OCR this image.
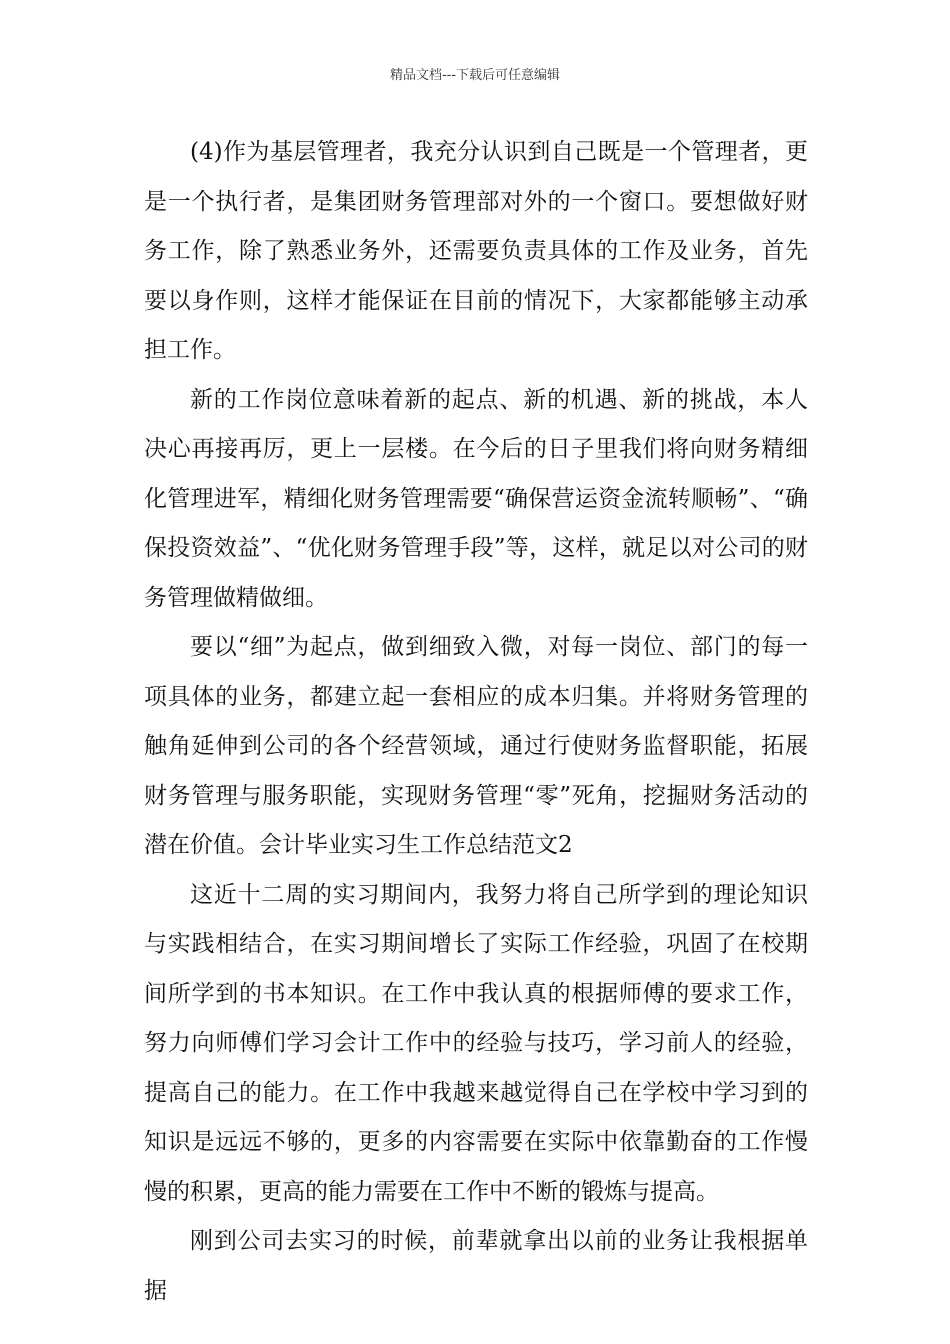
精品文档---下载后可任意编辑

(4)作为基层管理者，我充分认识到自己既是一个管理者，更是一个执行者，是集团财务管理部对外的一个窗口。要想做好财务工作，除了熟悉业务外，还需要负责具体的工作及业务，首先要以身作则，这样才能保证在目前的情况下，大家都能够主动承担工作。

新的工作岗位意味着新的起点、新的机遇、新的挑战，本人决心再接再厉，更上一层楼。在今后的日子里我们将向财务精细化管理进军，精细化财务管理需要“确保营运资金流转顺畅”、“确保投资效益”、“优化财务管理手段”等，这样，就足以对公司的财务管理做精做细。

要以“细”为起点，做到细致入微，对每一岗位、部门的每一项具体的业务，都建立起一套相应的成本归集。并将财务管理的触角延伸到公司的各个经营领域，通过行使财务监督职能，拓展财务管理与服务职能，实现财务管理“零”死角，挖掘财务活动的潜在价值。会计毕业实习生工作总结范文2

这近十二周的实习期间内，我努力将自己所学到的理论知识与实践相结合，在实习期间增长了实际工作经验，巩固了在校期间所学到的书本知识。在工作中我认真的根据师傅的要求工作，努力向师傅们学习会计工作中的经验与技巧，学习前人的经验，提高自己的能力。在工作中我越来越觉得自己在学校中学习到的知识是远远不够的，更多的内容需要在实际中依靠勤奋的工作慢慢的积累，更高的能力需要在工作中不断的锻炼与提高。

刚到公司去实习的时候，前辈就拿出以前的业务让我根据单据
